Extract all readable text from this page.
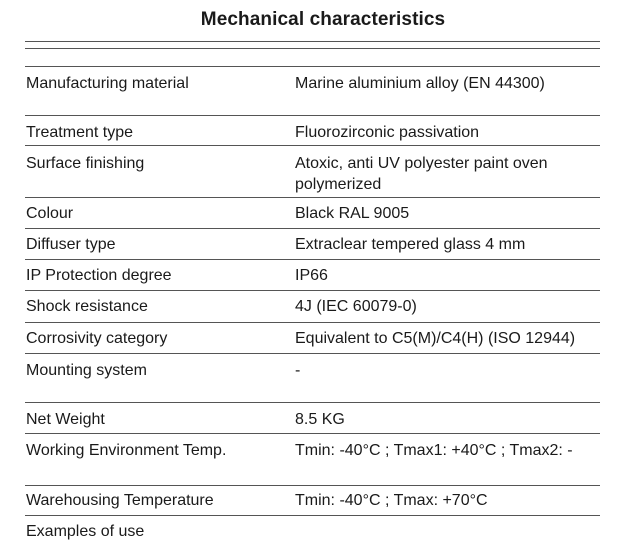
Mechanical characteristics
Manufacturing material	Marine aluminium alloy (EN 44300)
Treatment type	Fluorozirconic passivation
Surface finishing	Atoxic, anti UV polyester paint oven polymerized
Colour	Black RAL 9005
Diffuser type	Extraclear tempered glass 4 mm
IP Protection degree	IP66
Shock resistance	4J (IEC 60079-0)
Corrosivity category	Equivalent to C5(M)/C4(H) (ISO 12944)
Mounting system	-
Net Weight	8.5 KG
Working Environment Temp.	Tmin: -40°C ; Tmax1: +40°C ; Tmax2: -
Warehousing Temperature	Tmin: -40°C ; Tmax: +70°C
Examples of use
